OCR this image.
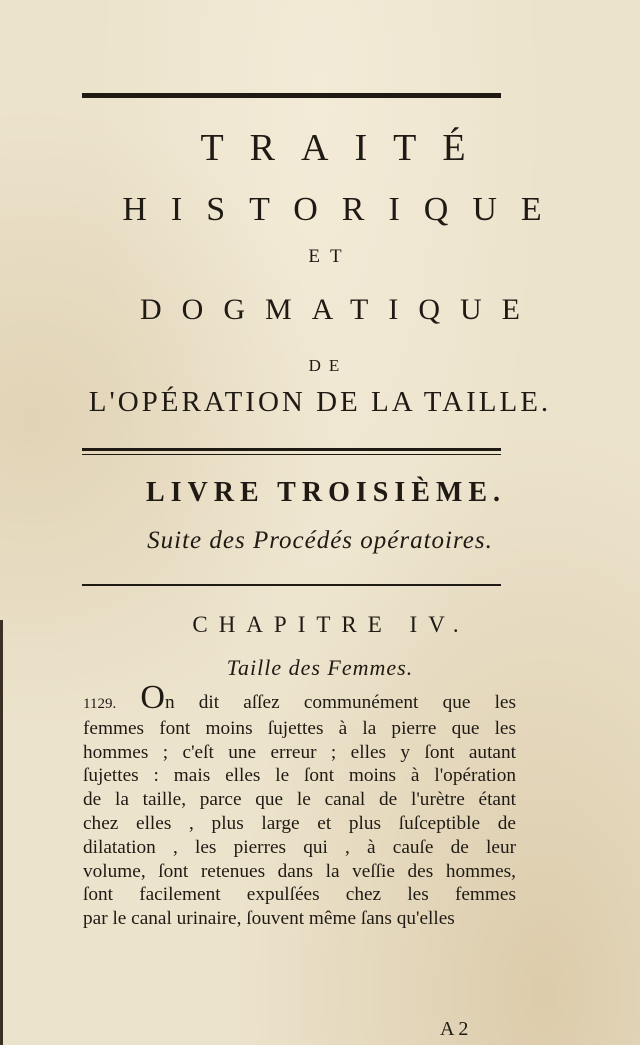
TRAITÉ
HISTORIQUE
ET
DOGMATIQUE
DE
L'OPÉRATION DE LA TAILLE.
LIVRE TROISIÈME.
Suite des Procédés opératoires.
CHAPITRE IV.
Taille des Femmes.
1129. On dit aſſez communément que les
femmes font moins ſujettes à la pierre que les
hommes ; c'eſt une erreur ; elles y ſont autant
ſujettes : mais elles le ſont moins à l'opération
de la taille, parce que le canal de l'urètre étant
chez elles , plus large et plus ſuſceptible de
dilatation , les pierres qui , à cauſe de leur
volume, ſont retenues dans la veſſie des hommes,
ſont facilement expulſées chez les femmes
par le canal urinaire, ſouvent même ſans qu'elles
A 2
